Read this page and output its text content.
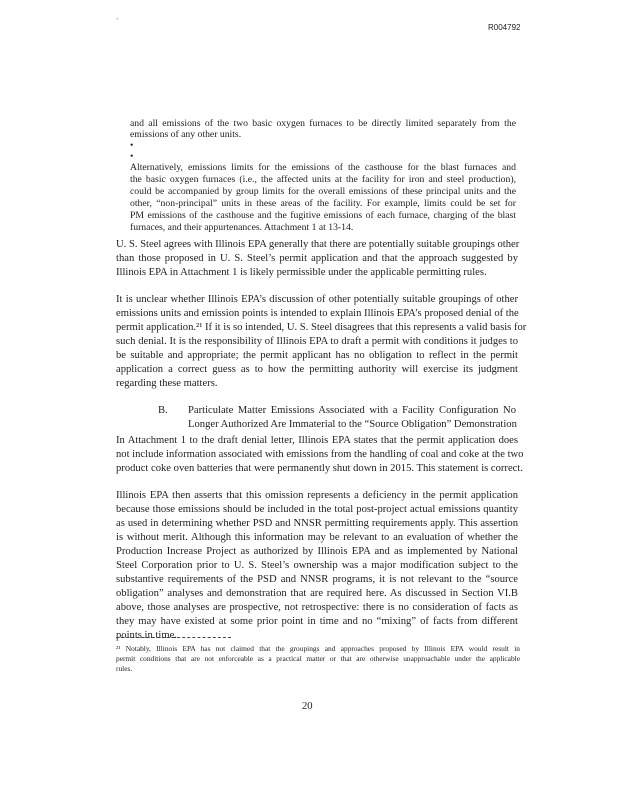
`
R004792
and all emissions of the two basic oxygen furnaces to be directly limited separately from the
emissions of any other units.
•
•
Alternatively, emissions limits for the emissions of the casthouse for the blast furnaces and
the basic oxygen furnaces (i.e., the affected units at the facility for iron and steel production),
could be accompanied by group limits for the overall emissions of these principal units and the
other, “non-principal” units in these areas of the facility. For example, limits could be set for
PM emissions of the casthouse and the fugitive emissions of each furnace, charging of the blast
furnaces, and their appurtenances. Attachment 1 at 13-14.
U. S. Steel agrees with Illinois EPA generally that there are potentially suitable groupings other
than those proposed in U. S. Steel’s permit application and that the approach suggested by
Illinois EPA in Attachment 1 is likely permissible under the applicable permitting rules.
It is unclear whether Illinois EPA’s discussion of other potentially suitable groupings of other
emissions units and emission points is intended to explain Illinois EPA’s proposed denial of the
permit application.²¹ If it is so intended, U. S. Steel disagrees that this represents a valid basis for
such denial. It is the responsibility of Illinois EPA to draft a permit with conditions it judges to
be suitable and appropriate; the permit applicant has no obligation to reflect in the permit
application a correct guess as to how the permitting authority will exercise its judgment
regarding these matters.
B. Particulate Matter Emissions Associated with a Facility Configuration No
Longer Authorized Are Immaterial to the “Source Obligation” Demonstration
In Attachment 1 to the draft denial letter, Illinois EPA states that the permit application does
not include information associated with emissions from the handling of coal and coke at the two
product coke oven batteries that were permanently shut down in 2015. This statement is correct.
Illinois EPA then asserts that this omission represents a deficiency in the permit application
because those emissions should be included in the total post-project actual emissions quantity
as used in determining whether PSD and NNSR permitting requirements apply. This assertion
is without merit. Although this information may be relevant to an evaluation of whether the
Production Increase Project as authorized by Illinois EPA and as implemented by National
Steel Corporation prior to U. S. Steel’s ownership was a major modification subject to the
substantive requirements of the PSD and NNSR programs, it is not relevant to the “source
obligation” analyses and demonstration that are required here. As discussed in Section VI.B
above, those analyses are prospective, not retrospective: there is no consideration of facts as
they may have existed at some prior point in time and no “mixing” of facts from different
points in time.
²¹ Notably, Illinois EPA has not claimed that the groupings and approaches proposed by Illinois EPA would result in
permit conditions that are not enforceable as a practical matter or that are otherwise unapproachable under the applicable
rules.
20
